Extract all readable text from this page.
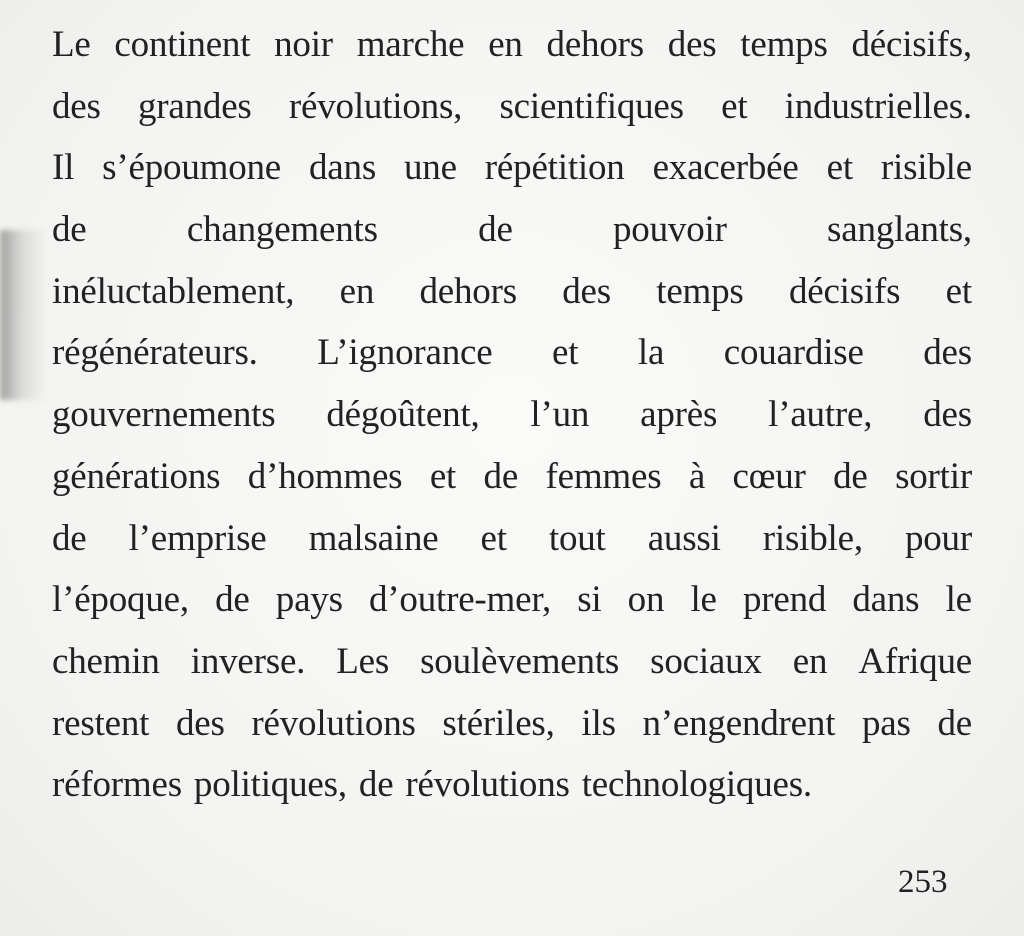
Le continent noir marche en dehors des temps décisifs,
des grandes révolutions, scientifiques et industrielles.
Il s’époumone dans une répétition exacerbée et risible
de	changements	de	pouvoir	sanglants,
inéluctablement, en dehors des temps décisifs et
régénérateurs. L’ignorance et la couardise des
gouvernements dégoûtent, l’un après l’autre, des
générations d’hommes et de femmes à cœur de sortir
de l’emprise malsaine et tout aussi risible, pour
l’époque, de pays d’outre-mer, si on le prend dans le
chemin inverse. Les soulèvements sociaux en Afrique
restent des révolutions stériles, ils n’engendrent pas de
réformes politiques, de révolutions technologiques.
253
